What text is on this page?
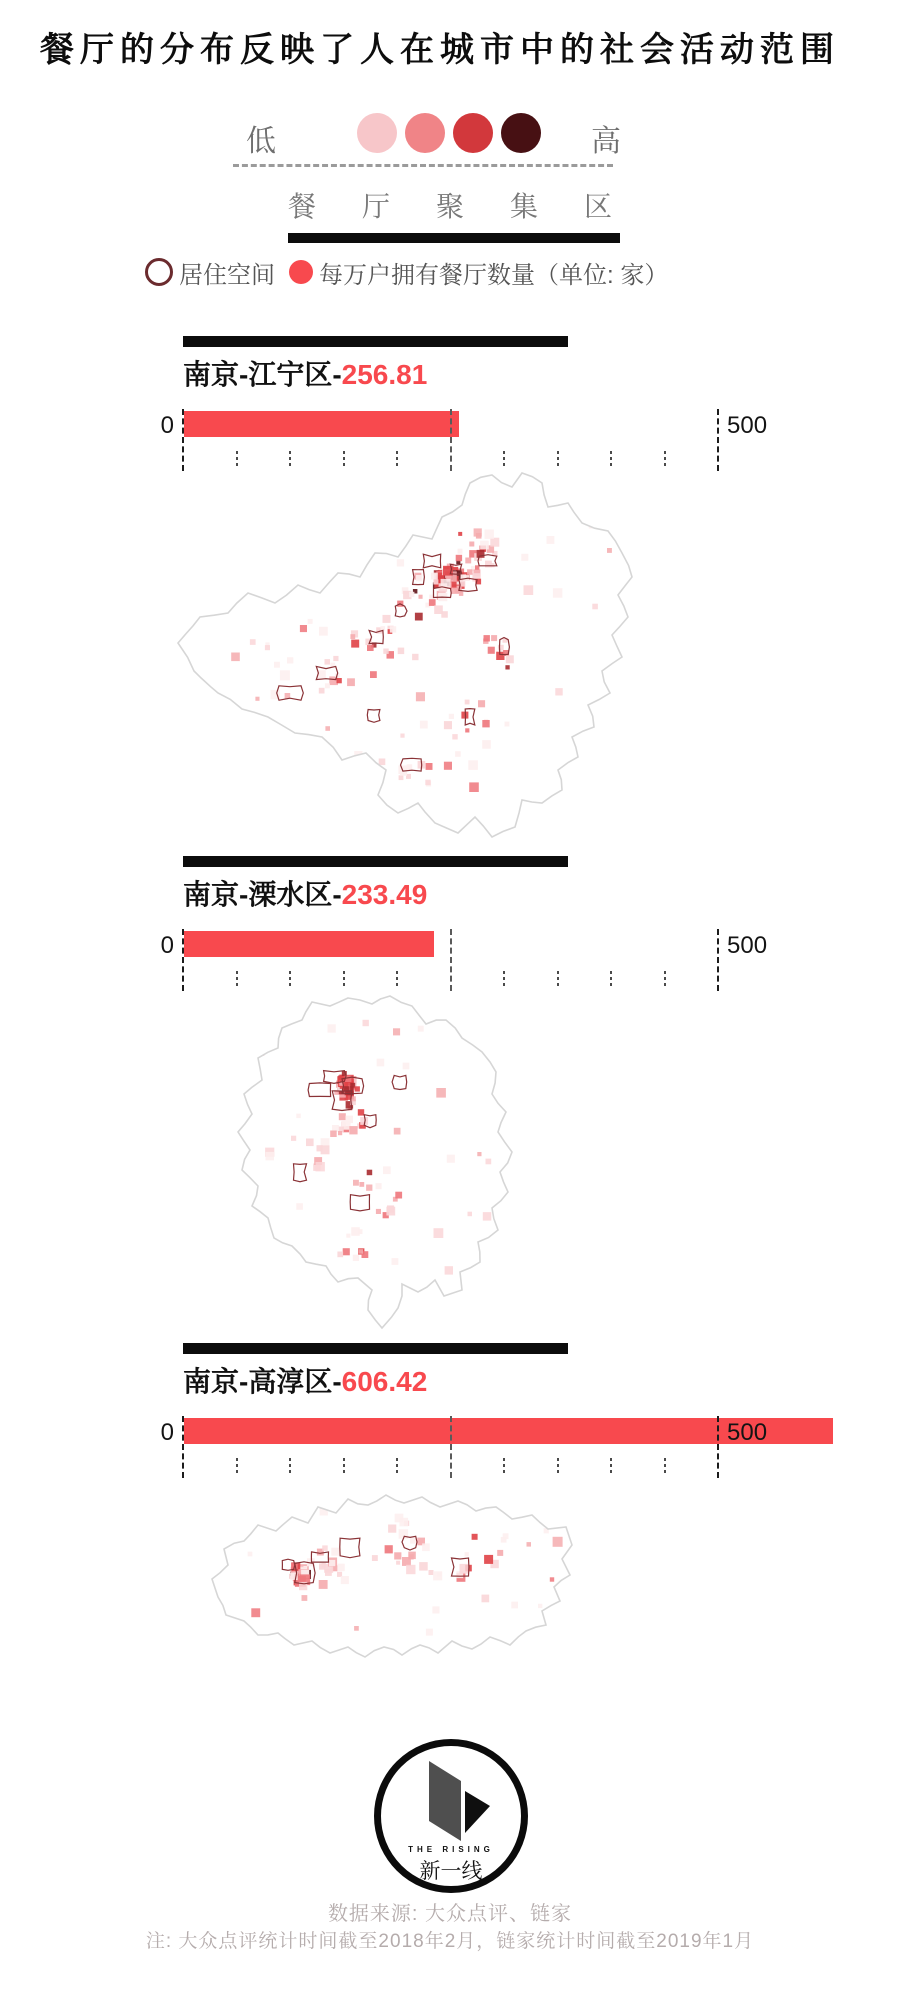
餐厅的分布反映了人在城市中的社会活动范围
低	高
餐 厅 聚 集 区
居住空间 每万户拥有餐厅数量（单位: 家）
南京-江宁区-256.81
0	500
南京-溧水区-233.49
0	500
南京-高淳区-606.42
0	500
THE RISING
新一线
数据来源: 大众点评、链家
注: 大众点评统计时间截至2018年2月，链家统计时间截至2019年1月
